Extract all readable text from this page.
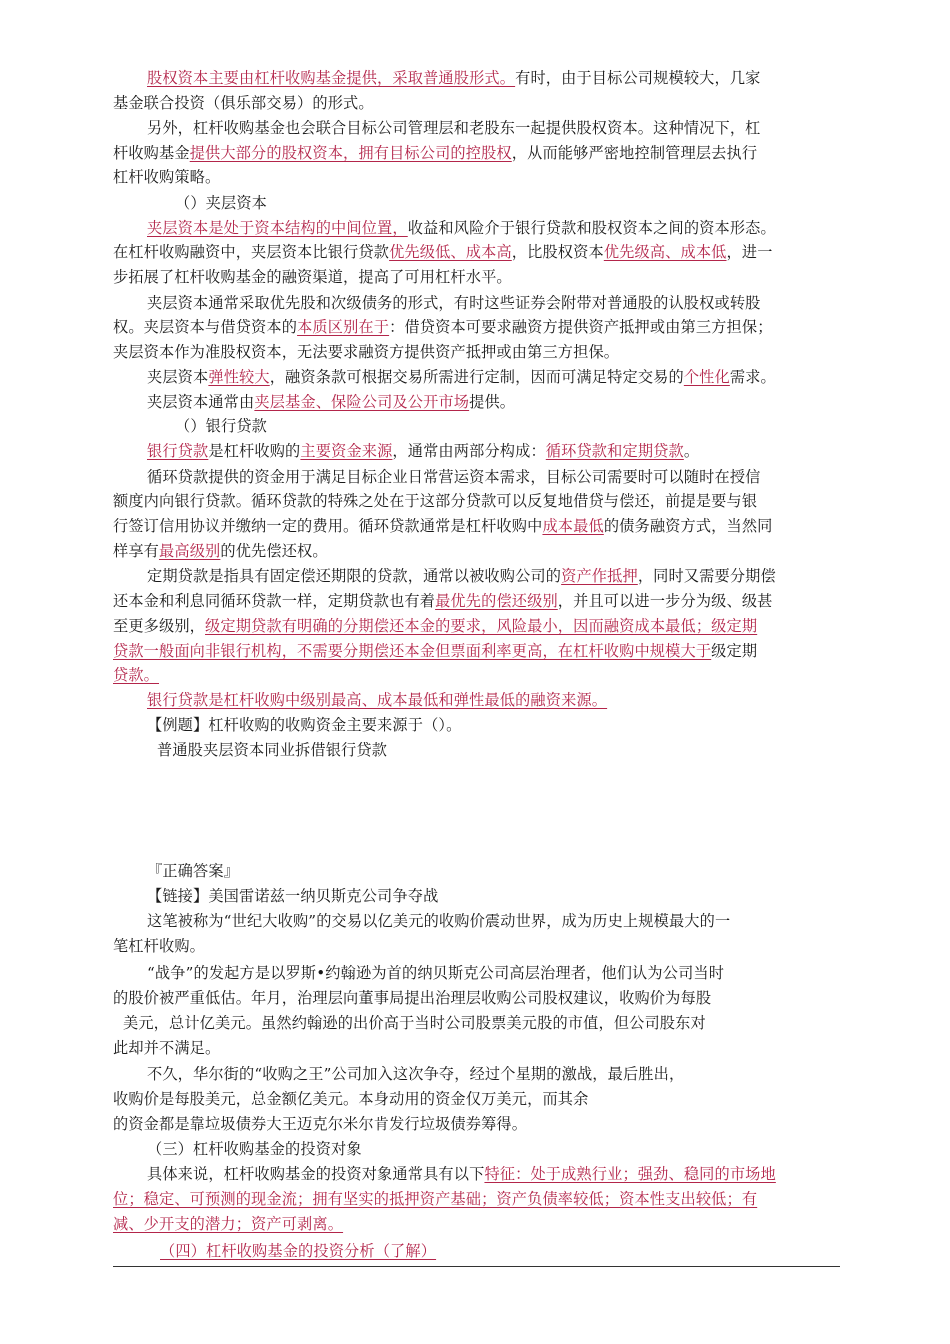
股权资本主要由杠杆收购基金提供，采取普通股形式。有时，由于目标公司规模较大，几家
基金联合投资（俱乐部交易）的形式。
另外，杠杆收购基金也会联合目标公司管理层和老股东一起提供股权资本。这种情况下，杠
杆收购基金提供大部分的股权资本，拥有目标公司的控股权，从而能够严密地控制管理层去执行
杠杆收购策略。
（）夹层资本
夹层资本是处于资本结构的中间位置，收益和风险介于银行贷款和股权资本之间的资本形态。
在杠杆收购融资中，夹层资本比银行贷款优先级低、成本高，比股权资本优先级高、成本低，进一
步拓展了杠杆收购基金的融资渠道，提高了可用杠杆水平。
夹层资本通常采取优先股和次级债务的形式，有时这些证券会附带对普通股的认股权或转股
权。夹层资本与借贷资本的本质区别在于：借贷资本可要求融资方提供资产抵押或由第三方担保；
夹层资本作为准股权资本，无法要求融资方提供资产抵押或由第三方担保。
夹层资本弹性较大，融资条款可根据交易所需进行定制，因而可满足特定交易的个性化需求。
夹层资本通常由夹层基金、保险公司及公开市场提供。
（）银行贷款
银行贷款是杠杆收购的主要资金来源，通常由两部分构成：循环贷款和定期贷款。
循环贷款提供的资金用于满足目标企业日常营运资本需求，目标公司需要时可以随时在授信
额度内向银行贷款。循环贷款的特殊之处在于这部分贷款可以反复地借贷与偿还，前提是要与银
行签订信用协议并缴纳一定的费用。循环贷款通常是杠杆收购中成本最低的债务融资方式，当然同
样享有最高级别的优先偿还权。
定期贷款是指具有固定偿还期限的贷款，通常以被收购公司的资产作抵押，同时又需要分期偿
还本金和利息同循环贷款一样，定期贷款也有着最优先的偿还级别，并且可以进一步分为级、级甚
至更多级别，级定期贷款有明确的分期偿还本金的要求，风险最小，因而融资成本最低；级定期
贷款一般面向非银行机构，不需要分期偿还本金但票面利率更高，在杠杆收购中规模大于级定期
贷款。
银行贷款是杠杆收购中级别最高、成本最低和弹性最低的融资来源。
【例题】杠杆收购的收购资金主要来源于（）。
普通股夹层资本同业拆借银行贷款
『正确答案』
【链接】美国雷诺兹一纳贝斯克公司争夺战
这笔被称为“世纪大收购”的交易以亿美元的收购价震动世界，成为历史上规模最大的一
笔杠杆收购。
“战争”的发起方是以罗斯•约翰逊为首的纳贝斯克公司高层治理者，他们认为公司当时
的股价被严重低估。年月，治理层向董事局提出治理层收购公司股权建议，收购价为每股
美元，总计亿美元。虽然约翰逊的出价高于当时公司股票美元股的市值，但公司股东对
此却并不满足。
不久，华尔街的“收购之王”公司加入这次争夺，经过个星期的激战，最后胜出，
收购价是每股美元，总金额亿美元。本身动用的资金仅万美元，而其余
的资金都是靠垃圾债券大王迈克尔米尔肯发行垃圾债券筹得。
（三）杠杆收购基金的投资对象
具体来说，杠杆收购基金的投资对象通常具有以下特征：处于成熟行业；强劲、稳同的市场地
位；稳定、可预测的现金流；拥有坚实的抵押资产基础；资产负债率较低；资本性支出较低；有
减、少开支的潜力；资产可剥离。
（四）杠杆收购基金的投资分析（了解）
